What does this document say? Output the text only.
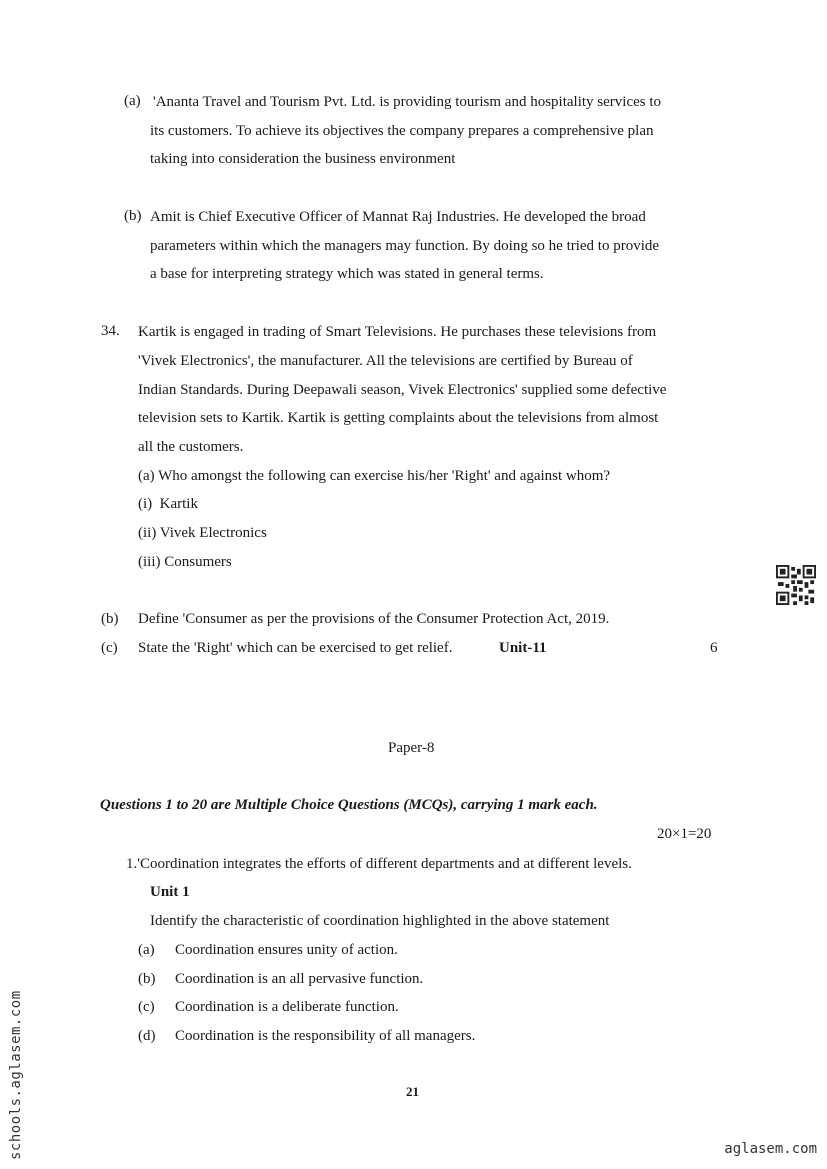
(a) 'Ananta Travel and Tourism Pvt. Ltd. is providing tourism and hospitality services to
its customers. To achieve its objectives the company prepares a comprehensive plan
taking into consideration the business environment
(b) Amit is Chief Executive Officer of Mannat Raj Industries. He developed the broad
parameters within which the managers may function. By doing so he tried to provide
a base for interpreting strategy which was stated in general terms.
34. Kartik is engaged in trading of Smart Televisions. He purchases these televisions from
'Vivek Electronics', the manufacturer. All the televisions are certified by Bureau of
Indian Standards. During Deepawali season, Vivek Electronics' supplied some defective
television sets to Kartik. Kartik is getting complaints about the televisions from almost
all the customers.
(a) Who amongst the following can exercise his/her 'Right' and against whom?
(i)  Kartik
(ii) Vivek Electronics
(iii) Consumers
(b) Define 'Consumer as per the provisions of the Consumer Protection Act, 2019.
(c) State the 'Right' which can be exercised to get relief.	Unit-11	6
Paper-8
Questions 1 to 20 are Multiple Choice Questions (MCQs), carrying 1 mark each.
20×1=20
1.'Coordination integrates the efforts of different departments and at different levels.
Unit 1
Identify the characteristic of coordination highlighted in the above statement
(a) Coordination ensures unity of action.
(b) Coordination is an all pervasive function.
(c) Coordination is a deliberate function.
(d) Coordination is the responsibility of all managers.
21
schools.aglasem.com	aglasem.com
